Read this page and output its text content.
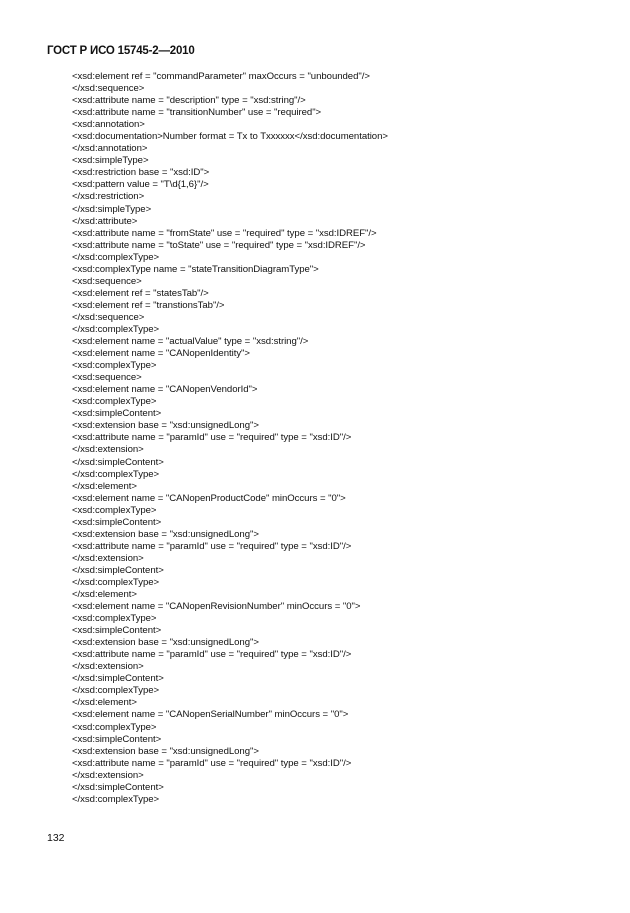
ГОСТ Р ИСО 15745-2—2010
<xsd:element ref = "commandParameter" maxOccurs = "unbounded"/>
</xsd:sequence>
<xsd:attribute name = "description" type = "xsd:string"/>
<xsd:attribute name = "transitionNumber" use = "required">
<xsd:annotation>
<xsd:documentation>Number format = Tx to Txxxxxx</xsd:documentation>
</xsd:annotation>
<xsd:simpleType>
<xsd:restriction base = "xsd:ID">
<xsd:pattern value = "T\d{1,6}"/>
</xsd:restriction>
</xsd:simpleType>
</xsd:attribute>
<xsd:attribute name = "fromState" use = "required" type = "xsd:IDREF"/>
<xsd:attribute name = "toState" use = "required" type = "xsd:IDREF"/>
</xsd:complexType>
<xsd:complexType name = "stateTransitionDiagramType">
<xsd:sequence>
<xsd:element ref = "statesTab"/>
<xsd:element ref = "transtionsTab"/>
</xsd:sequence>
</xsd:complexType>
<xsd:element name = "actualValue" type = "xsd:string"/>
<xsd:element name = "CANopenIdentity">
<xsd:complexType>
<xsd:sequence>
<xsd:element name = "CANopenVendorId">
<xsd:complexType>
<xsd:simpleContent>
<xsd:extension base = "xsd:unsignedLong">
<xsd:attribute name = "paramId" use = "required" type = "xsd:ID"/>
</xsd:extension>
</xsd:simpleContent>
</xsd:complexType>
</xsd:element>
<xsd:element name = "CANopenProductCode" minOccurs = "0">
<xsd:complexType>
<xsd:simpleContent>
<xsd:extension base = "xsd:unsignedLong">
<xsd:attribute name = "paramId" use = "required" type = "xsd:ID"/>
</xsd:extension>
</xsd:simpleContent>
</xsd:complexType>
</xsd:element>
<xsd:element name = "CANopenRevisionNumber" minOccurs = "0">
<xsd:complexType>
<xsd:simpleContent>
<xsd:extension base = "xsd:unsignedLong">
<xsd:attribute name = "paramId" use = "required" type = "xsd:ID"/>
</xsd:extension>
</xsd:simpleContent>
</xsd:complexType>
</xsd:element>
<xsd:element name = "CANopenSerialNumber" minOccurs = "0">
<xsd:complexType>
<xsd:simpleContent>
<xsd:extension base = "xsd:unsignedLong">
<xsd:attribute name = "paramId" use = "required" type = "xsd:ID"/>
</xsd:extension>
</xsd:simpleContent>
</xsd:complexType>
132
